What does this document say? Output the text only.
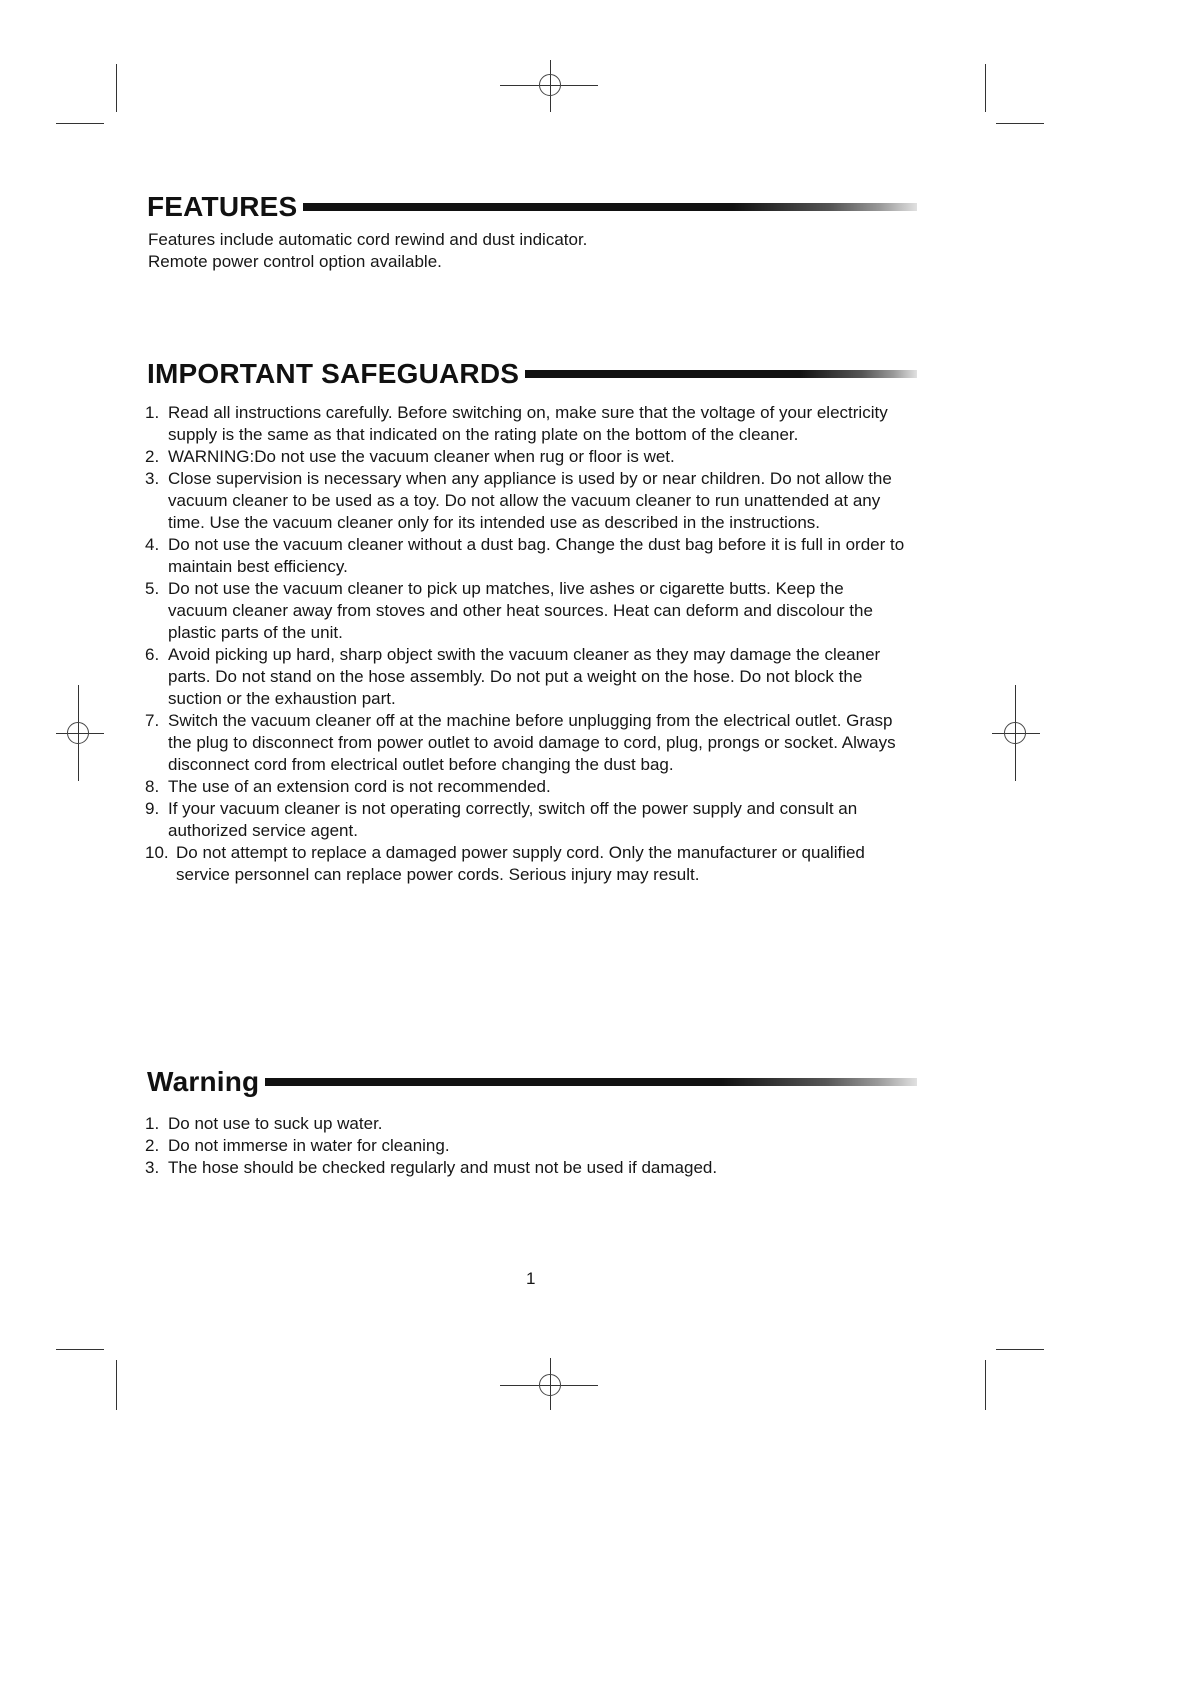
FEATURES

Features include automatic cord rewind and dust indicator.

Remote power control option available.

IMPORTANT SAFEGUARDS
1. Read all instructions carefully. Before switching on, make sure that the voltage of your electricity supply is the same as that indicated on the rating plate on the bottom of the cleaner.
2. WARNING:Do not use the vacuum cleaner when rug or floor is wet.
3. Close supervision is necessary when any appliance is used by or near children. Do not allow the vacuum cleaner to be used as a toy. Do not allow the vacuum cleaner to run unattended at any time. Use the vacuum cleaner only for its intended use as described in the instructions.
4. Do not use the vacuum cleaner without a dust bag. Change the dust bag before it is full in order to maintain best efficiency.
5. Do not use the vacuum cleaner to pick up matches, live ashes or cigarette butts. Keep the vacuum cleaner away from stoves and other heat sources. Heat can deform and discolour the plastic parts of the unit.
6. Avoid picking up hard, sharp object swith the vacuum cleaner as they may damage the cleaner parts. Do not stand on the hose assembly. Do not put a weight on the hose. Do not block the suction or the exhaustion part.
7. Switch the vacuum cleaner off at the machine before unplugging from the electrical outlet. Grasp the plug to disconnect from power outlet to avoid damage to cord, plug, prongs or socket. Always disconnect cord from electrical outlet before changing the dust bag.
8. The use of an extension cord is not recommended.
9. If your vacuum cleaner is not operating correctly, switch off the power supply and consult an authorized service agent.
10. Do not attempt to replace a damaged power supply cord. Only the manufacturer or qualified service personnel can replace power cords. Serious injury may result.
Warning
1. Do not use to suck up water.
2. Do not immerse in water for cleaning.
3. The hose should be checked regularly and must not be used if damaged.
1
